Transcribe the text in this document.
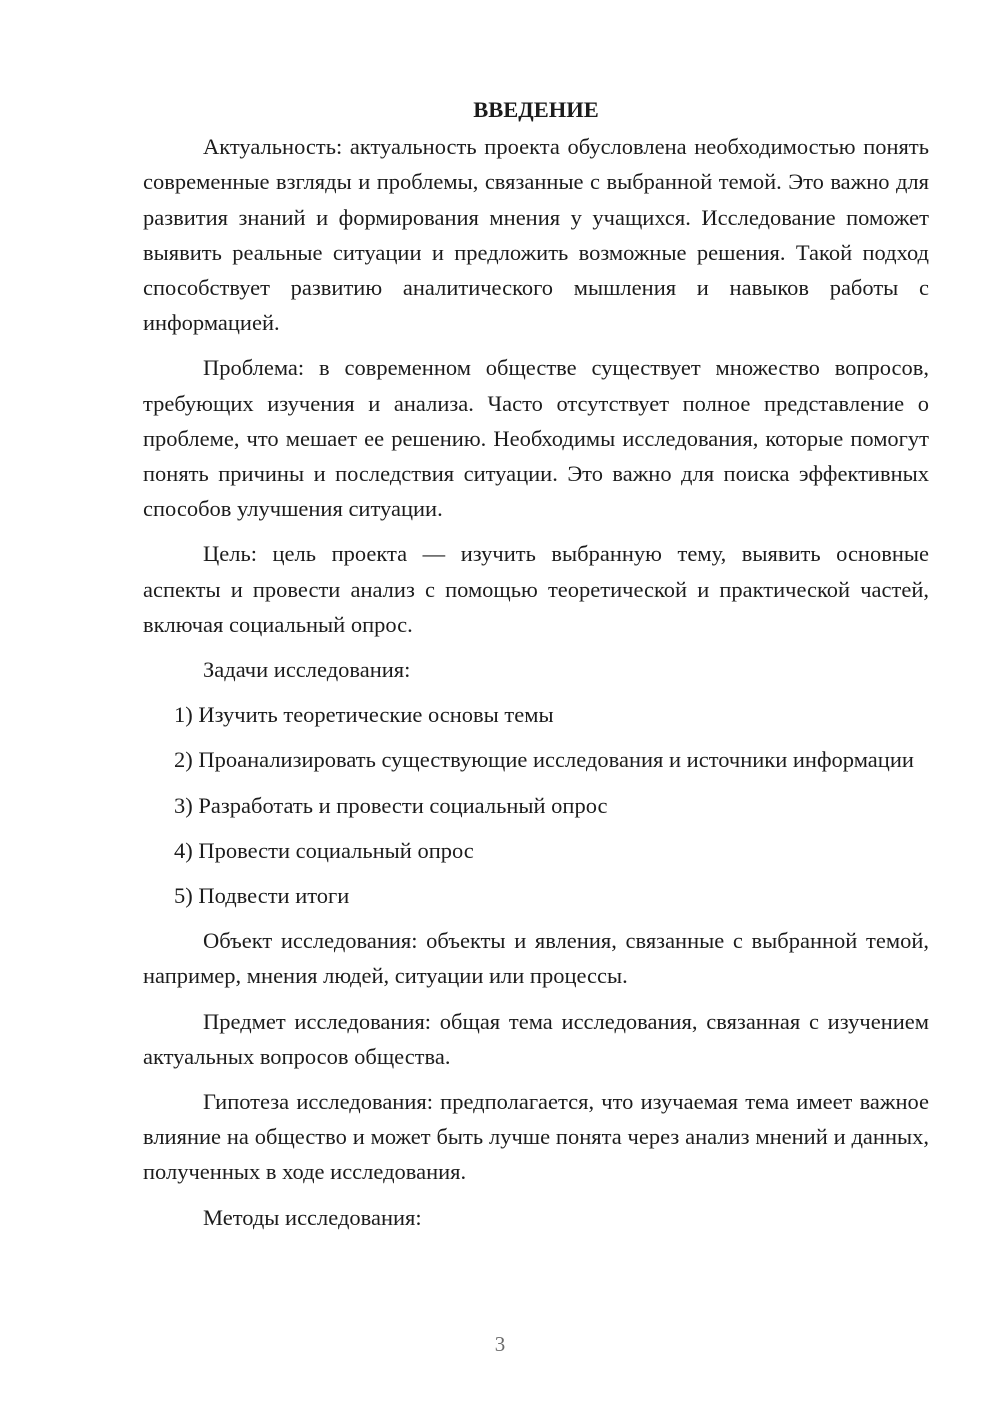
ВВЕДЕНИЕ

Актуальность: актуальность проекта обусловлена необходимостью понять современные взгляды и проблемы, связанные с выбранной темой. Это важно для развития знаний и формирования мнения у учащихся. Исследование поможет выявить реальные ситуации и предложить возможные решения. Такой подход способствует развитию аналитического мышления и навыков работы с информацией.

Проблема: в современном обществе существует множество вопросов, требующих изучения и анализа. Часто отсутствует полное представление о проблеме, что мешает ее решению. Необходимы исследования, которые помогут понять причины и последствия ситуации. Это важно для поиска эффективных способов улучшения ситуации.

Цель: цель проекта — изучить выбранную тему, выявить основные аспекты и провести анализ с помощью теоретической и практической частей, включая социальный опрос.

Задачи исследования:

1) Изучить теоретические основы темы

2) Проанализировать существующие исследования и источники информации

3) Разработать и провести социальный опрос

4) Провести социальный опрос

5) Подвести итоги

Объект исследования: объекты и явления, связанные с выбранной темой, например, мнения людей, ситуации или процессы.

Предмет исследования: общая тема исследования, связанная с изучением актуальных вопросов общества.

Гипотеза исследования: предполагается, что изучаемая тема имеет важное влияние на общество и может быть лучше понята через анализ мнений и данных, полученных в ходе исследования.

Методы исследования:

3
